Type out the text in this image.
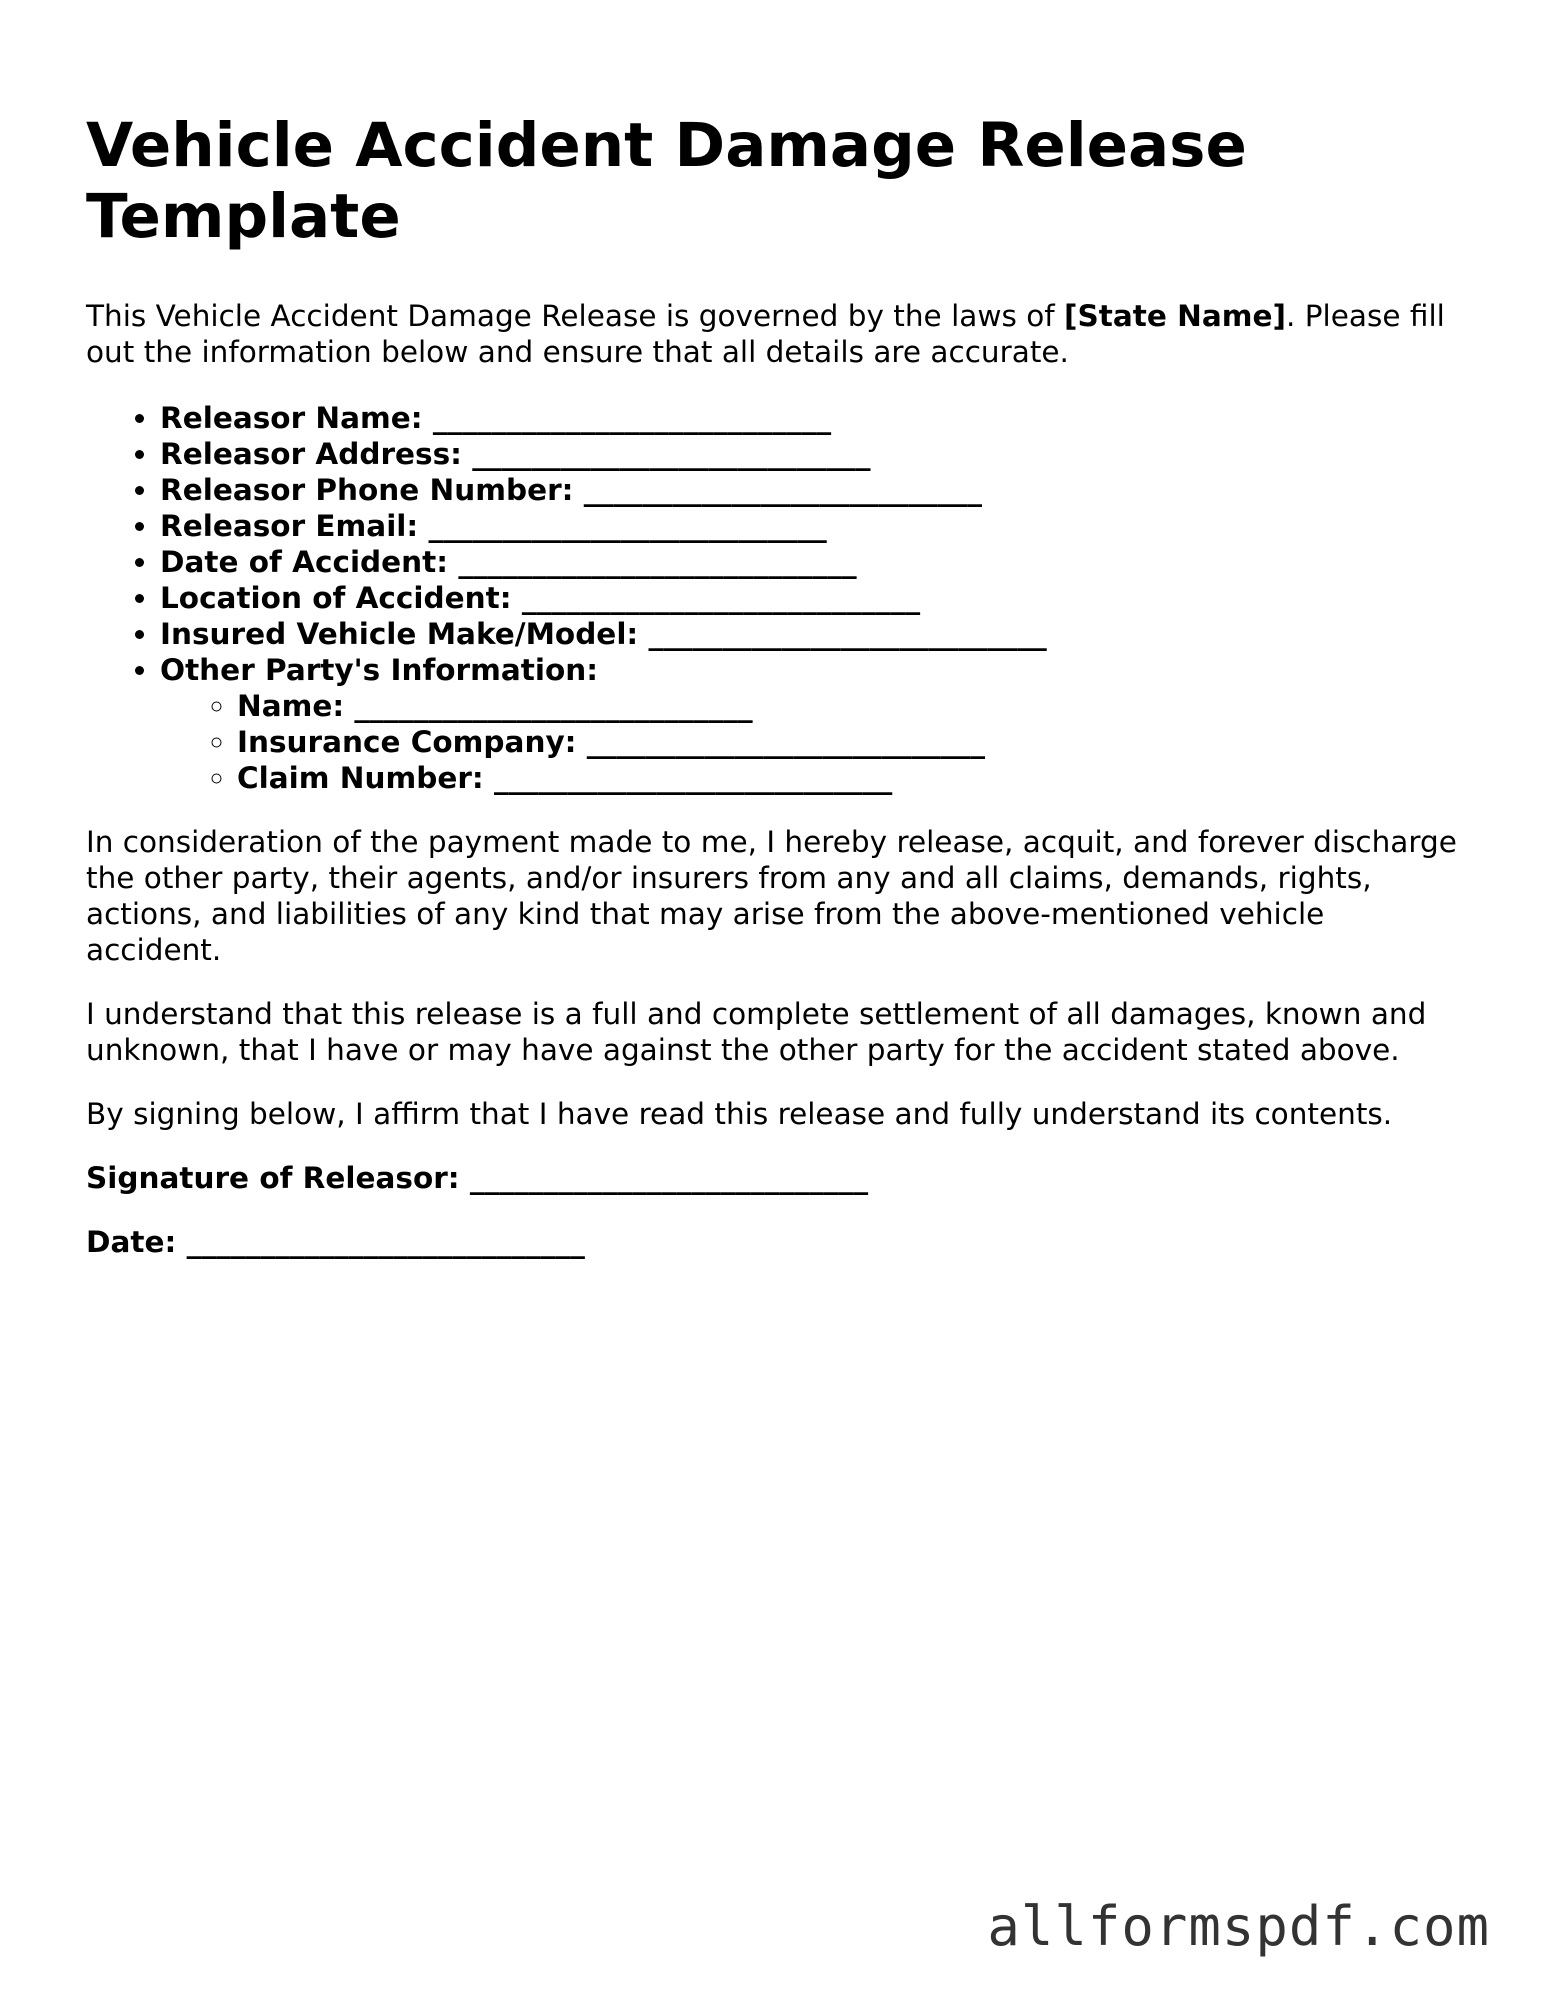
Vehicle Accident Damage Release Template

This Vehicle Accident Damage Release is governed by the laws of [State Name]. Please fill out the information below and ensure that all details are accurate.

• Releasor Name: ___________________________
• Releasor Address: ___________________________
• Releasor Phone Number: ___________________________
• Releasor Email: ___________________________
• Date of Accident: ___________________________
• Location of Accident: ___________________________
• Insured Vehicle Make/Model: ___________________________
• Other Party's Information:
◦ Name: ___________________________
◦ Insurance Company: ___________________________
◦ Claim Number: ___________________________

In consideration of the payment made to me, I hereby release, acquit, and forever discharge the other party, their agents, and/or insurers from any and all claims, demands, rights, actions, and liabilities of any kind that may arise from the above-mentioned vehicle accident.

I understand that this release is a full and complete settlement of all damages, known and unknown, that I have or may have against the other party for the accident stated above.

By signing below, I affirm that I have read this release and fully understand its contents.

Signature of Releasor: ___________________________

Date: ___________________________

allformspdf.com
